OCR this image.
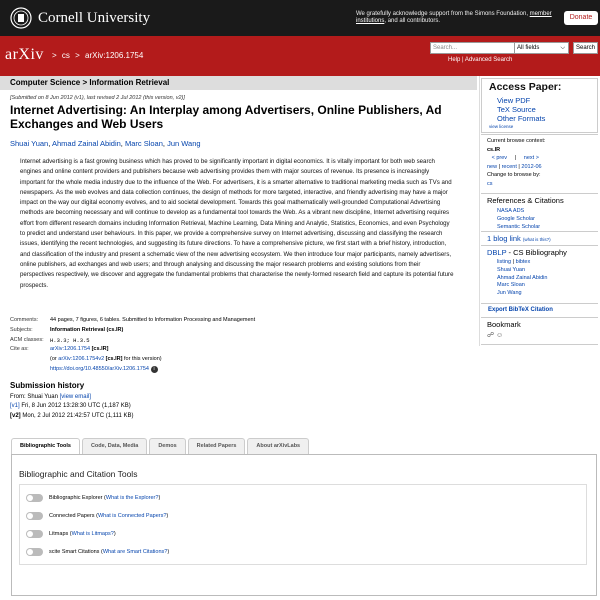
Cornell University	We gratefully acknowledge support from the Simons Foundation, member institutions, and all contributors.	Donate
arXiv > cs > arXiv:1206.1754
Search...	All fields	⌵	Search
Help | Advanced Search
Computer Science > Information Retrieval
[Submitted on 8 Jun 2012 (v1), last revised 2 Jul 2012 (this version, v2)]
Internet Advertising: An Interplay among Advertisers, Online Publishers, Ad Exchanges and Web Users
Shuai Yuan, Ahmad Zainal Abidin, Marc Sloan, Jun Wang
Internet advertising is a fast growing business which has proved to be significantly important in digital economics. It is vitally important for both web search engines and online content providers and publishers because web advertising provides them with major sources of revenue. Its presence is increasingly important for the whole media industry due to the influence of the Web. For advertisers, it is a smarter alternative to traditional marketing media such as TVs and newspapers. As the web evolves and data collection continues, the design of methods for more targeted, interactive, and friendly advertising may have a major impact on the way our digital economy evolves, and to aid societal development. Towards this goal mathematically well-grounded Computational Advertising methods are becoming necessary and will continue to develop as a fundamental tool towards the Web. As a vibrant new discipline, Internet advertising requires effort from different research domains including Information Retrieval, Machine Learning, Data Mining and Analytic, Statistics, Economics, and even Psychology to predict and understand user behaviours. In this paper, we provide a comprehensive survey on Internet advertising, discussing and classifying the research issues, identifying the recent technologies, and suggesting its future directions. To have a comprehensive picture, we first start with a brief history, introduction, and classification of the industry and present a schematic view of the new advertising ecosystem. We then introduce four major participants, namely advertisers, online publishers, ad exchanges and web users; and through analysing and discussing the major research problems and existing solutions from their perspectives respectively, we discover and aggregate the fundamental problems that characterise the newly-formed research field and capture its potential future prospects.
Comments:	44 pages, 7 figures, 6 tables. Submitted to Information Processing and Management
Subjects:	Information Retrieval (cs.IR)
ACM classes:	H.3.3; H.3.5
Cite as:	arXiv:1206.1754 [cs.IR]
(or arXiv:1206.1754v2 [cs.IR] for this version)
https://doi.org/10.48550/arXiv.1206.1754 i
Submission history
From: Shuai Yuan [view email]
[v1] Fri, 8 Jun 2012 13:28:30 UTC (1,187 KB)
[v2] Mon, 2 Jul 2012 21:42:57 UTC (1,111 KB)
Bibliographic Tools	Code, Data, Media	Demos	Related Papers	About arXivLabs
Bibliographic and Citation Tools
Bibliographic Explorer ( What is the Explorer? )
Connected Papers ( What is Connected Papers? )
Litmaps ( What is Litmaps? )
scite Smart Citations ( What are Smart Citations? )
Access Paper:
View PDF
TeX Source
Other Formats
view license
Current browse context:
cs.IR
< prev | next >
new | recent | 2012-06
Change to browse by:
cs
References & Citations
NASA ADS
Google Scholar
Semantic Scholar
1 blog link (what is this?)
DBLP - CS Bibliography
listing | bibtex
Shuai Yuan
Ahmad Zainal Abidin
Marc Sloan
Jun Wang
Export BibTeX Citation
Bookmark
☍ ☺
